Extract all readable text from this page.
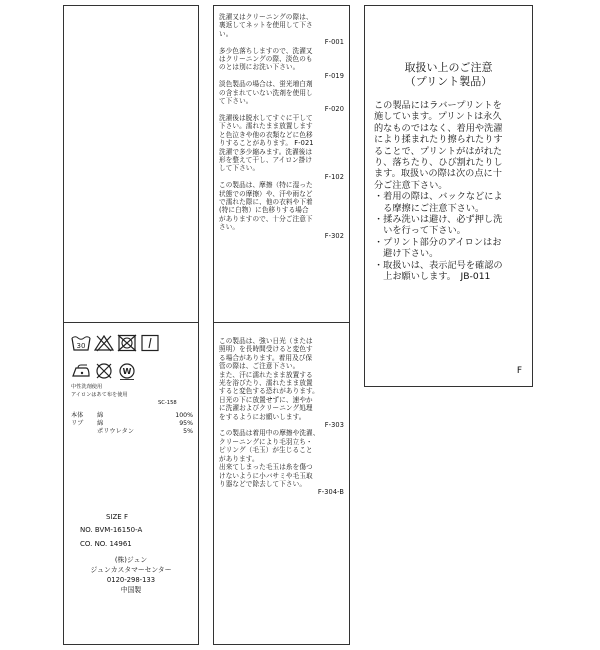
30
W
中性洗剤使用
アイロンはあて布を使用
SC-158
本体	綿	100%
リブ	綿	95%
ポリウレタン	5%
SIZE F
NO. BVM-16150-A
CO. NO. 14961
(株)ジュン
ジュンカスタマーセンター
0120-298-133
中国製
洗濯又はクリーニングの際は、
裏返してネットを使用して下さ
い。
F-001
多少色落ちしますので、洗濯又
はクリーニングの際、淡色のも
のとは別にお洗い下さい。
F-019
淡色製品の場合は、蛍光増白剤
の含まれていない洗剤を使用し
て下さい。
F-020
洗濯後は脱水してすぐに干して
下さい。濡れたまま放置します
と色泣きや他の衣類などに色移
りすることがあります。 F-021
洗濯で多少縮みます。洗濯後は
形を整えて干し、アイロン掛け
して下さい。
F-102
この製品は、摩擦（特に湿った
状態での摩擦）や、汗や雨など
で濡れた際に、他の衣料や下着
(特に白物）に色移りする場合
がありますので、十分ご注意下
さい。
F-302
この製品は、強い日光（または
照明）を長時間受けると変色す
る場合があります。着用及び保
管の際は、ご注意下さい。
また、汗に濡れたまま放置する
光を浴びたり、濡れたまま放置
すると変色する恐れがあります。
日光の下に放置せずに、速やか
に洗濯およびクリーニング処理
をするようにお願いします。
F-303
この製品は着用中の摩擦や洗濯、
クリーニングにより毛羽立ち・
ピリング（毛玉）が生じること
があります。
出来てしまった毛玉は糸を傷つ
けないように小バサミや毛玉取
り器などで除去して下さい。
F-304-B
取扱い上のご注意
（プリント製品）
この製品にはラバープリントを
施しています。プリントは永久
的なものではなく、着用や洗濯
により揉まれたり擦られたりす
ることで、プリントがはがれた
り、落ちたり、ひび割れたりし
ます。取扱いの際は次の点に十
分ご注意下さい。
・着用の際は、バックなどによ
　る摩擦にご注意下さい。
・揉み洗いは避け、必ず押し洗
　いを行って下さい。
・プリント部分のアイロンはお
　避け下さい。
・取扱いは、表示記号を確認の
　上お願いします。　JB-011
F
